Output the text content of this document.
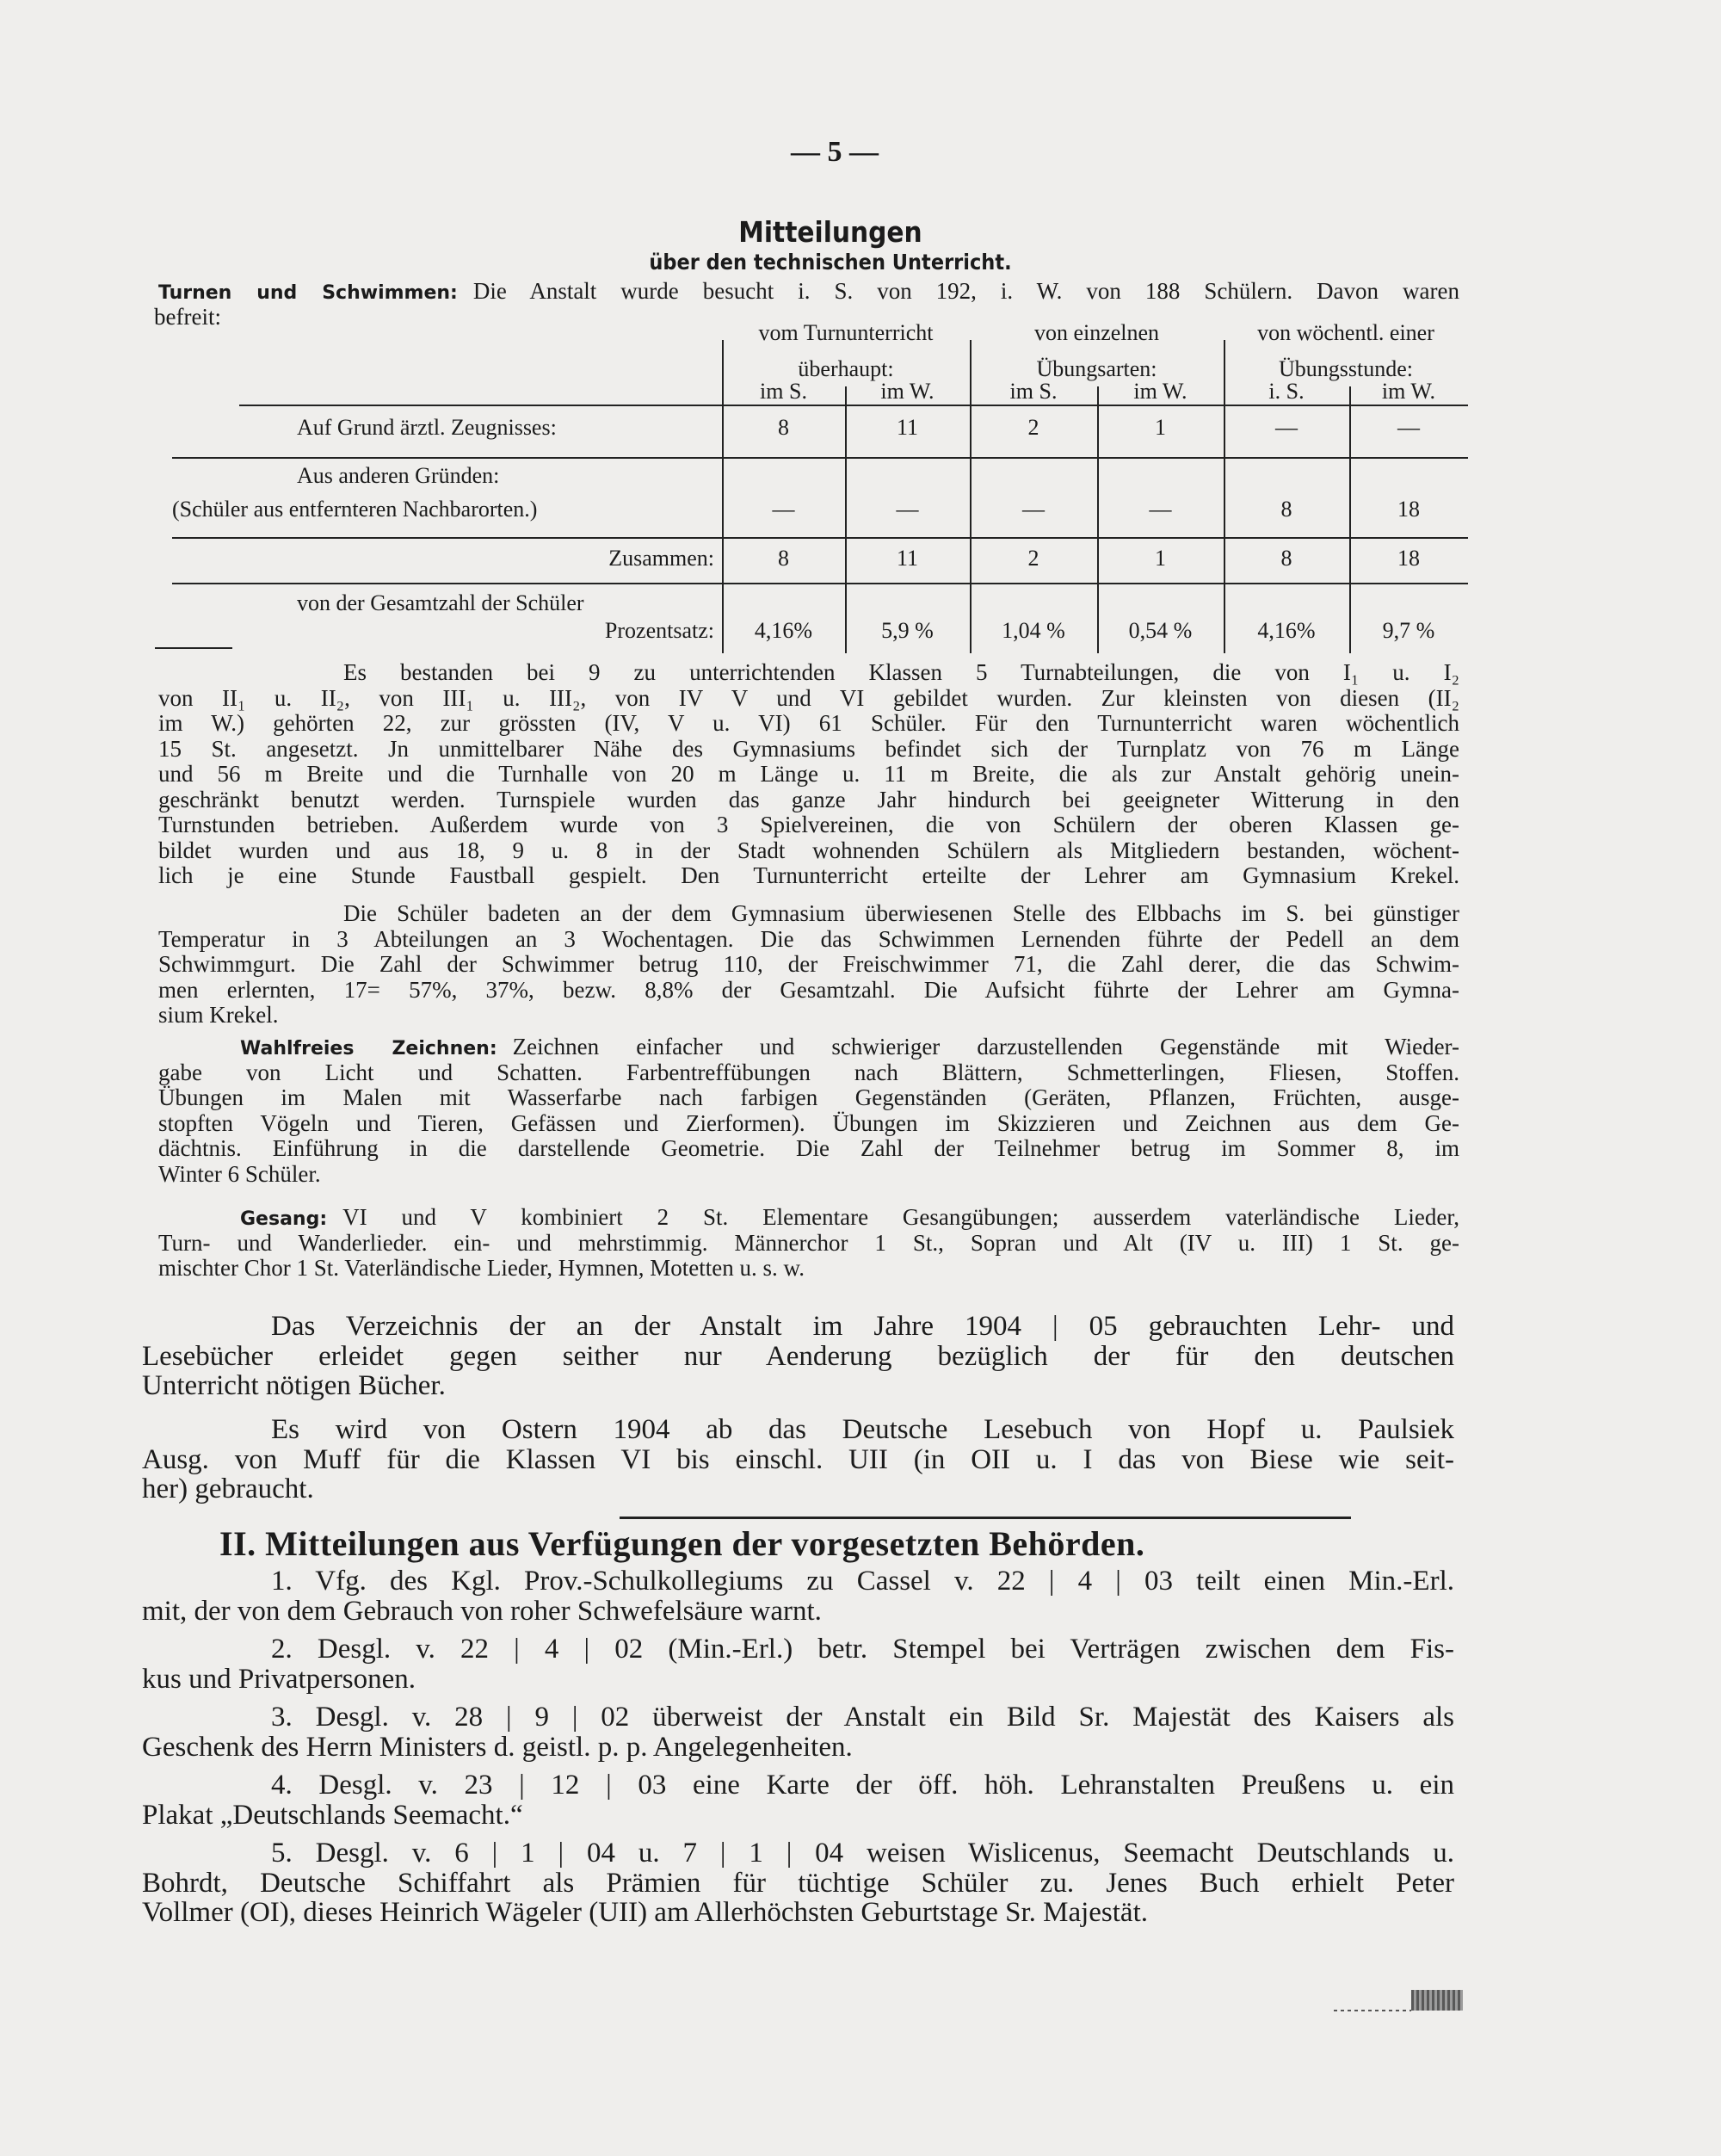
— 5 —
Mitteilungen
über den technischen Unterricht.
Turnen und Schwimmen: Die Anstalt wurde besucht i. S. von 192, i. W. von 188 Schülern. Davon waren
befreit:
vom Turnunterricht
überhaupt:
von einzelnen
Übungsarten:
von wöchentl. einer
Übungsstunde:
im S.	im W.	im S.	im W.	i. S.	im W.
Auf Grund ärztl. Zeugnisses:	8	11	2	1	—	—
Aus anderen Gründen:
(Schüler aus entfernteren Nachbarorten.)	—	—	—	—	8	18
Zusammen:	8	11	2	1	8	18
von der Gesamtzahl der Schüler
Prozentsatz:	4,16%	5,9 %	1,04 %	0,54 %	4,16%	9,7 %
Es bestanden bei 9 zu unterrichtenden Klassen 5 Turnabteilungen, die von I₁ u. I₂
von II₁ u. II₂, von III₁ u. III₂, von IV V und VI gebildet wurden. Zur kleinsten von diesen (II₂
im W.) gehörten 22, zur grössten (IV, V u. VI) 61 Schüler. Für den Turnunterricht waren wöchentlich
15 St. angesetzt. Jn unmittelbarer Nähe des Gymnasiums befindet sich der Turnplatz von 76 m Länge
und 56 m Breite und die Turnhalle von 20 m Länge u. 11 m Breite, die als zur Anstalt gehörig unein-
geschränkt benutzt werden. Turnspiele wurden das ganze Jahr hindurch bei geeigneter Witterung in den
Turnstunden betrieben. Außerdem wurde von 3 Spielvereinen, die von Schülern der oberen Klassen ge-
bildet wurden und aus 18, 9 u. 8 in der Stadt wohnenden Schülern als Mitgliedern bestanden, wöchent-
lich je eine Stunde Faustball gespielt. Den Turnunterricht erteilte der Lehrer am Gymnasium Krekel.
Die Schüler badeten an der dem Gymnasium überwiesenen Stelle des Elbbachs im S. bei günstiger
Temperatur in 3 Abteilungen an 3 Wochentagen. Die das Schwimmen Lernenden führte der Pedell an dem
Schwimmgurt. Die Zahl der Schwimmer betrug 110, der Freischwimmer 71, die Zahl derer, die das Schwim-
men erlernten, 17= 57%, 37%, bezw. 8,8% der Gesamtzahl. Die Aufsicht führte der Lehrer am Gymna-
sium Krekel.
Wahlfreies Zeichnen: Zeichnen einfacher und schwieriger darzustellenden Gegenstände mit Wieder-
gabe von Licht und Schatten. Farbentreffübungen nach Blättern, Schmetterlingen, Fliesen, Stoffen.
Übungen im Malen mit Wasserfarbe nach farbigen Gegenständen (Geräten, Pflanzen, Früchten, ausge-
stopften Vögeln und Tieren, Gefässen und Zierformen). Übungen im Skizzieren und Zeichnen aus dem Ge-
dächtnis. Einführung in die darstellende Geometrie. Die Zahl der Teilnehmer betrug im Sommer 8, im
Winter 6 Schüler.
Gesang: VI und V kombiniert 2 St. Elementare Gesangübungen; ausserdem vaterländische Lieder,
Turn- und Wanderlieder. ein- und mehrstimmig. Männerchor 1 St., Sopran und Alt (IV u. III) 1 St. ge-
mischter Chor 1 St. Vaterländische Lieder, Hymnen, Motetten u. s. w.
Das Verzeichnis der an der Anstalt im Jahre 1904 | 05 gebrauchten Lehr- und
Lesebücher erleidet gegen seither nur Aenderung bezüglich der für den deutschen
Unterricht nötigen Bücher.
Es wird von Ostern 1904 ab das Deutsche Lesebuch von Hopf u. Paulsiek
Ausg. von Muff für die Klassen VI bis einschl. UII (in OII u. I das von Biese wie seit-
her) gebraucht.
II. Mitteilungen aus Verfügungen der vorgesetzten Behörden.
1. Vfg. des Kgl. Prov.-Schulkollegiums zu Cassel v. 22 | 4 | 03 teilt einen Min.-Erl.
mit, der von dem Gebrauch von roher Schwefelsäure warnt.
2. Desgl. v. 22 | 4 | 02 (Min.-Erl.) betr. Stempel bei Verträgen zwischen dem Fis-
kus und Privatpersonen.
3. Desgl. v. 28 | 9 | 02 überweist der Anstalt ein Bild Sr. Majestät des Kaisers als
Geschenk des Herrn Ministers d. geistl. p. p. Angelegenheiten.
4. Desgl. v. 23 | 12 | 03 eine Karte der öff. höh. Lehranstalten Preußens u. ein
Plakat „Deutschlands Seemacht.“
5. Desgl. v. 6 | 1 | 04 u. 7 | 1 | 04 weisen Wislicenus, Seemacht Deutschlands u.
Bohrdt, Deutsche Schiffahrt als Prämien für tüchtige Schüler zu. Jenes Buch erhielt Peter
Vollmer (OI), dieses Heinrich Wägeler (UII) am Allerhöchsten Geburtstage Sr. Majestät.
